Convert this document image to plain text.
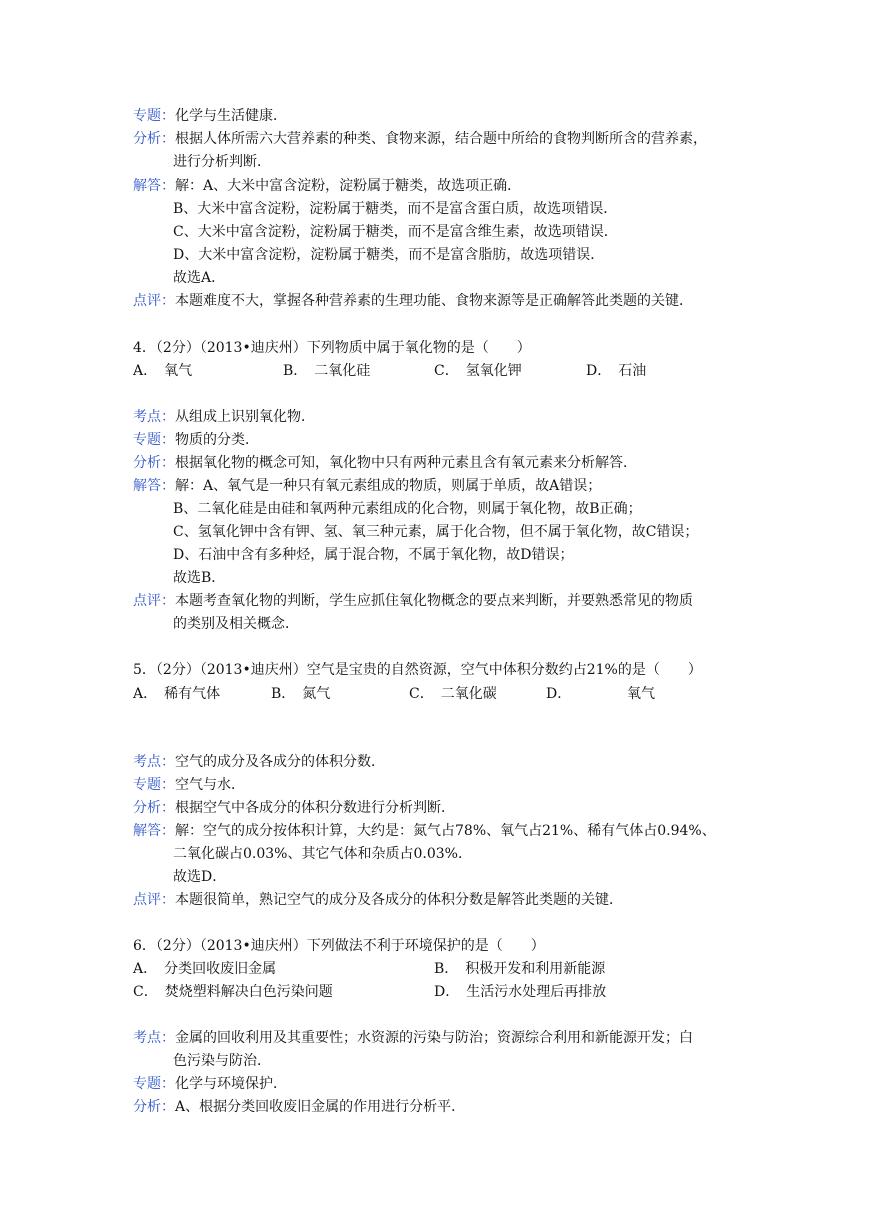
专题：化学与生活健康．
分析：根据人体所需六大营养素的种类、食物来源，结合题中所给的食物判断所含的营养素，
进行分析判断．
解答：解：A、大米中富含淀粉，淀粉属于糖类，故选项正确．
B、大米中富含淀粉，淀粉属于糖类，而不是富含蛋白质，故选项错误．
C、大米中富含淀粉，淀粉属于糖类，而不是富含维生素，故选项错误．
D、大米中富含淀粉，淀粉属于糖类，而不是富含脂肪，故选项错误．
故选A．
点评：本题难度不大，掌握各种营养素的生理功能、食物来源等是正确解答此类题的关键．
4．（2分）（2013•迪庆州）下列物质中属于氧化物的是（　　）
A．　氧气	B．　二氧化硅	C．　氢氧化钾	D．　石油
考点：从组成上识别氧化物．
专题：物质的分类．
分析：根据氧化物的概念可知，氧化物中只有两种元素且含有氧元素来分析解答．
解答：解：A、氧气是一种只有氧元素组成的物质，则属于单质，故A错误；
B、二氧化硅是由硅和氧两种元素组成的化合物，则属于氧化物，故B正确；
C、氢氧化钾中含有钾、氢、氧三种元素，属于化合物，但不属于氧化物，故C错误；
D、石油中含有多种烃，属于混合物，不属于氧化物，故D错误；
故选B．
点评：本题考查氧化物的判断，学生应抓住氧化物概念的要点来判断，并要熟悉常见的物质
的类别及相关概念．
5．（2分）（2013•迪庆州）空气是宝贵的自然资源，空气中体积分数约占21%的是（　　）
A．　稀有气体	B．　氮气	C．　二氧化碳	D．	氧气
考点：空气的成分及各成分的体积分数．
专题：空气与水．
分析：根据空气中各成分的体积分数进行分析判断．
解答：解：空气的成分按体积计算，大约是：氮气占78%、氧气占21%、稀有气体占0.94%、
二氧化碳占0.03%、其它气体和杂质占0.03%．
故选D．
点评：本题很简单，熟记空气的成分及各成分的体积分数是解答此类题的关键．
6．（2分）（2013•迪庆州）下列做法不利于环境保护的是（　　）
A．　分类回收废旧金属	B．　积极开发和利用新能源
C．　焚烧塑料解决白色污染问题	D．　生活污水处理后再排放
考点：金属的回收利用及其重要性；水资源的污染与防治；资源综合利用和新能源开发；白
色污染与防治．
专题：化学与环境保护．
分析：A、根据分类回收废旧金属的作用进行分析平．
